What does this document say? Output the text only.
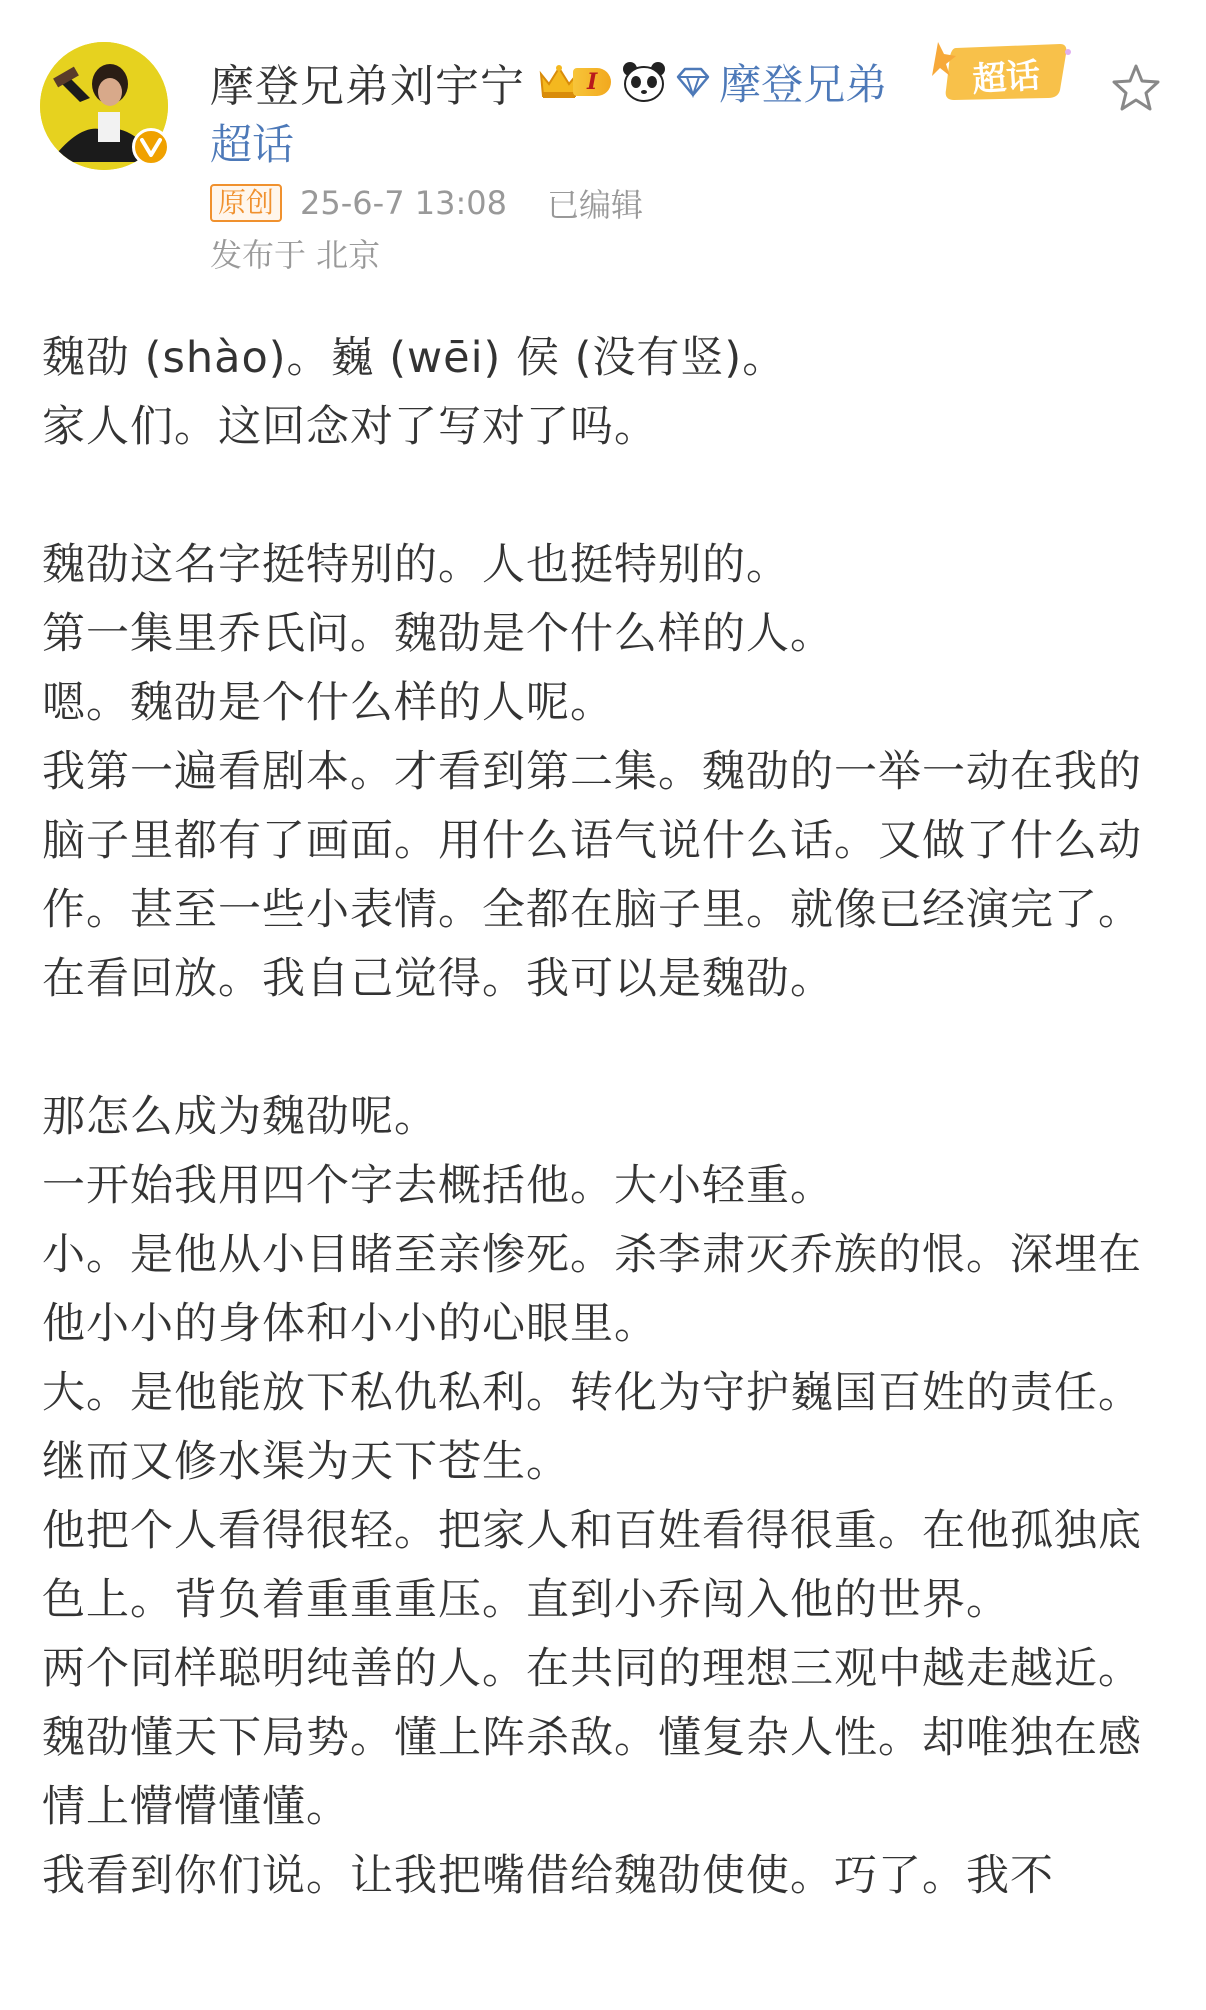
摩登兄弟刘宇宁	I	摩登兄弟 超话
超话
原创 25-6-7 13:08 已编辑
发布于 北京

魏劭 (shào)。巍 (wēi) 侯 (没有竖)。

家人们。这回念对了写对了吗。

魏劭这名字挺特别的。人也挺特别的。

第一集里乔氏问。魏劭是个什么样的人。

嗯。魏劭是个什么样的人呢。

我第一遍看剧本。才看到第二集。魏劭的一举一动在我的脑子里都有了画面。用什么语气说什么话。又做了什么动作。甚至一些小表情。全都在脑子里。就像已经演完了。在看回放。我自己觉得。我可以是魏劭。

那怎么成为魏劭呢。

一开始我用四个字去概括他。大小轻重。

小。是他从小目睹至亲惨死。杀李肃灭乔族的恨。深埋在他小小的身体和小小的心眼里。

大。是他能放下私仇私利。转化为守护巍国百姓的责任。继而又修水渠为天下苍生。

他把个人看得很轻。把家人和百姓看得很重。在他孤独底色上。背负着重重重压。直到小乔闯入他的世界。

两个同样聪明纯善的人。在共同的理想三观中越走越近。魏劭懂天下局势。懂上阵杀敌。懂复杂人性。却唯独在感情上懵懵懂懂。

我看到你们说。让我把嘴借给魏劭使使。巧了。我不
